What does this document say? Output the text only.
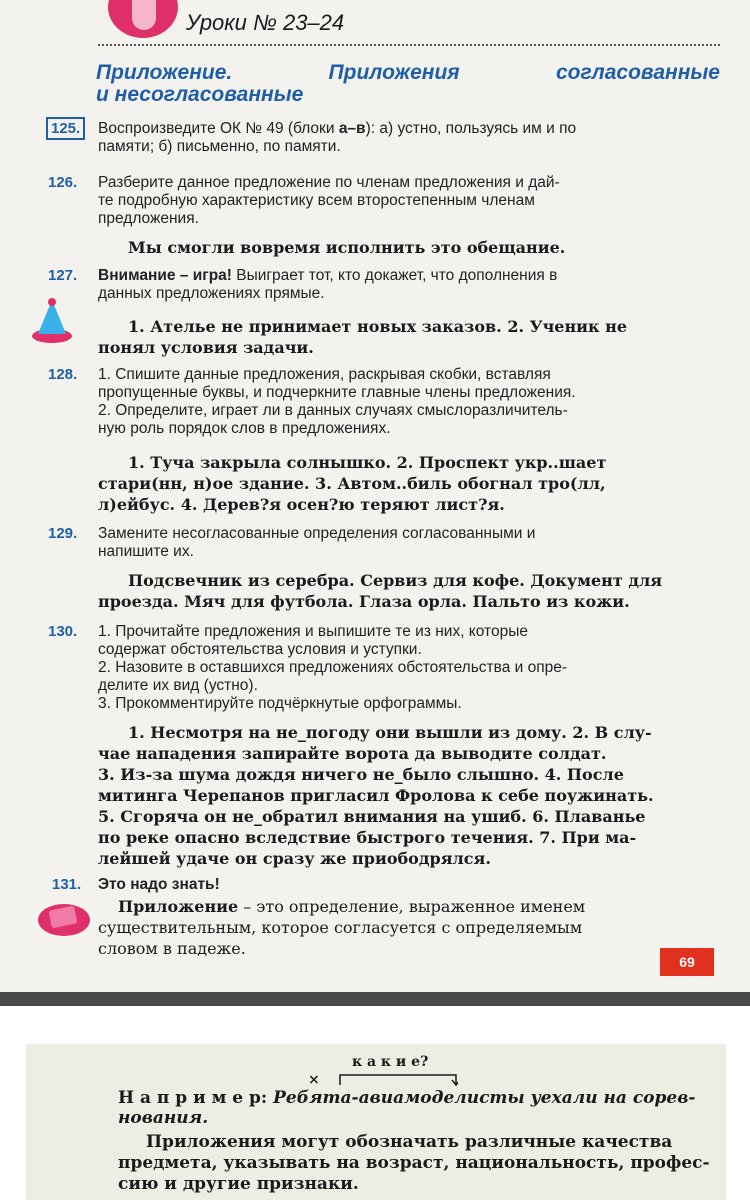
Уроки № 23–24
Приложение.	Приложения	согласованные
и несогласованные
125.	Воспроизведите ОК № 49 (блоки а–в): а) устно, пользуясь им и по
памяти; б) письменно, по памяти.
126. Разберите данное предложение по членам предложения и дай-
те подробную характеристику всем второстепенным членам
предложения.
Мы смогли вовремя исполнить это обещание.
127. Внимание – игра! Выиграет тот, кто докажет, что дополнения в
данных предложениях прямые.
1. Ателье не принимает новых заказов. 2. Ученик не
понял условия задачи.
128. 1. Спишите данные предложения, раскрывая скобки, вставляя
пропущенные буквы, и подчеркните главные члены предложения.
2. Определите, играет ли в данных случаях смыслоразличитель-
ную роль порядок слов в предложениях.
1. Туча закрыла солнышко. 2. Проспект укр..шает
стари(нн, н)ое здание. 3. Автом..биль обогнал тро(лл,
л)ейбус. 4. Дерев?я осен?ю теряют лист?я.
129. Замените несогласованные определения согласованными и
напишите их.
Подсвечник из серебра. Сервиз для кофе. Документ для
проезда. Мяч для футбола. Глаза орла. Пальто из кожи.
130. 1. Прочитайте предложения и выпишите те из них, которые
содержат обстоятельства условия и уступки.
2. Назовите в оставшихся предложениях обстоятельства и опре-
делите их вид (устно).
3. Прокомментируйте подчёркнутые орфограммы.
1. Несмотря на не_погоду они вышли из дому. 2. В слу-
чае нападения запирайте ворота да выводите солдат.
3. Из-за шума дождя ничего не_было слышно. 4. После
митинга Черепанов пригласил Фролова к себе поужинать.
5. Сгоряча он не_обратил внимания на ушиб. 6. Плаванье
по реке опасно вследствие быстрого течения. 7. При ма-
лейшей удаче он сразу же приободрялся.
131. Это надо знать!
Приложение – это определение, выраженное именем
существительным, которое согласуется с определяемым
словом в падеже.
69
к а к и е?
×
Н а п р и м е р: Ребята-авиамоделисты уехали на сорев-
нования.
Приложения могут обозначать различные качества
предмета, указывать на возраст, национальность, профес-
сию и другие признаки.
